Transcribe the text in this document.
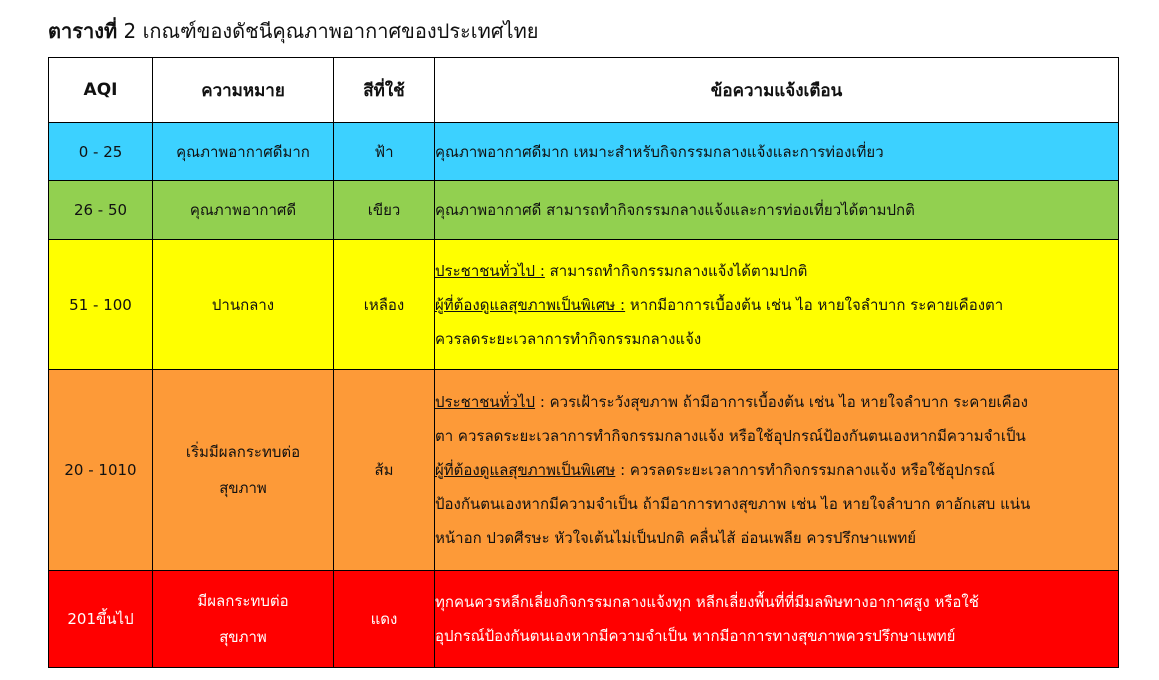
ตารางที่ 2 เกณฑ์ของดัชนีคุณภาพอากาศของประเทศไทย
AQI	ความหมาย	สีที่ใช้	ข้อความแจ้งเตือน
0 - 25	คุณภาพอากาศดีมาก	ฟ้า	คุณภาพอากาศดีมาก เหมาะสำหรับกิจกรรมกลางแจ้งและการท่องเที่ยว

26 - 50	คุณภาพอากาศดี	เขียว	คุณภาพอากาศดี สามารถทำกิจกรรมกลางแจ้งและการท่องเที่ยวได้ตามปกติ

51 - 100	ปานกลาง	เหลือง	ประชาชนทั่วไป : สามารถทำกิจกรรมกลางแจ้งได้ตามปกติ
ผู้ที่ต้องดูแลสุขภาพเป็นพิเศษ : หากมีอาการเบื้องต้น เช่น ไอ หายใจลำบาก ระคายเคืองตา
ควรลดระยะเวลาการทำกิจกรรมกลางแจ้ง

20 - 1010	เริ่มมีผลกระทบต่อ
สุขภาพ	ส้ม	ประชาชนทั่วไป : ควรเฝ้าระวังสุขภาพ ถ้ามีอาการเบื้องต้น เช่น ไอ หายใจลำบาก ระคายเคือง
ตา ควรลดระยะเวลาการทำกิจกรรมกลางแจ้ง หรือใช้อุปกรณ์ป้องกันตนเองหากมีความจำเป็น
ผู้ที่ต้องดูแลสุขภาพเป็นพิเศษ : ควรลดระยะเวลาการทำกิจกรรมกลางแจ้ง หรือใช้อุปกรณ์
ป้องกันตนเองหากมีความจำเป็น ถ้ามีอาการทางสุขภาพ เช่น ไอ หายใจลำบาก ตาอักเสบ แน่น
หน้าอก ปวดศีรษะ หัวใจเต้นไม่เป็นปกติ คลื่นไส้ อ่อนเพลีย ควรปรึกษาแพทย์

201ขึ้นไป	มีผลกระทบต่อ
สุขภาพ	แดง	ทุกคนควรหลีกเลี่ยงกิจกรรมกลางแจ้งทุก หลีกเลี่ยงพื้นที่ที่มีมลพิษทางอากาศสูง หรือใช้
อุปกรณ์ป้องกันตนเองหากมีความจำเป็น หากมีอาการทางสุขภาพควรปรึกษาแพทย์
